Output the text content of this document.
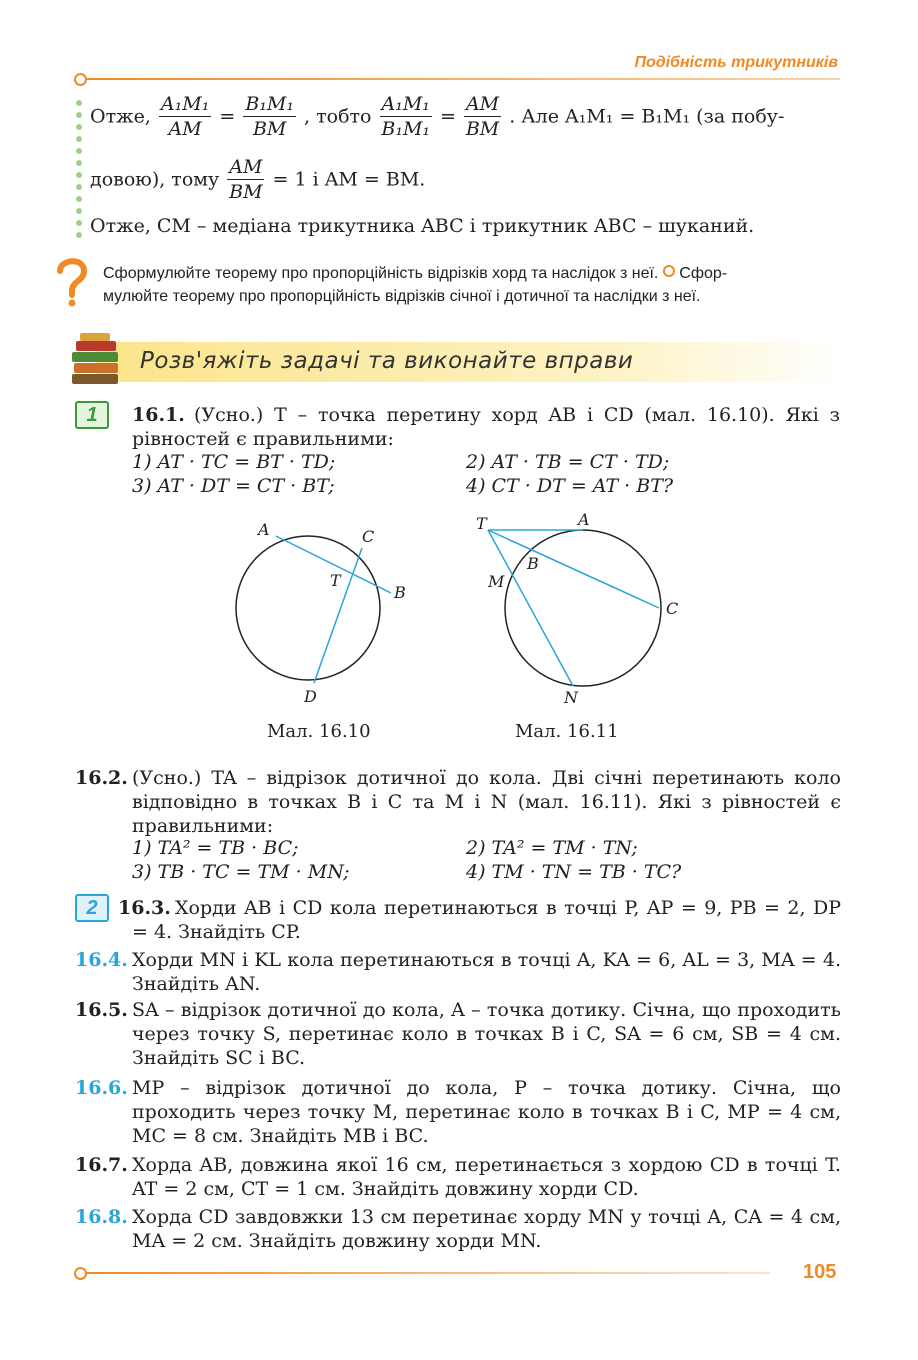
Подібність трикутників
Отже, $\frac{\text{A₁M₁}}{AM} = \frac{\text{B₁M₁}}{BM}$ , тобто $\frac{\text{A₁M₁}}{\text{B₁M₁}} = \frac{AM}{BM}$ . Але A₁M₁ = B₁M₁ (за побу-
довою), тому $\frac{AM}{BM} = 1$ і AM = BM.
Отже, CM – медіана трикутника ABC і трикутник ABC – шуканий.
Сформулюйте теорему про пропорційність відрізків хорд та наслідок з неї. Сфор-
мулюйте теорему про пропорційність відрізків січної і дотичної та наслідки з неї.
Розв'яжіть задачі та виконайте вправи
1	16.1. (Усно.) T – точка перетину хорд AB і CD (мал. 16.10). Які з рівностей є правильними:
1) AT · TC = BT · TD;	2) AT · TB = CT · TD;
3) AT · DT = CT · BT;	4) CT · DT = AT · BT?
A	C
T
B
D
Мал. 16.10
T	A
B
M
C
N
Мал. 16.11
16.2. (Усно.) TA – відрізок дотичної до кола. Дві січні перетинають коло відповідно в точках B і C та M і N (мал. 16.11). Які з рівностей є правильними:
1) TA² = TB · BC;	2) TA² = TM · TN;
3) TB · TC = TM · MN;	4) TM · TN = TB · TC?
2	16.3. Хорди AB і CD кола перетинаються в точці P, AP = 9, PB = 2, DP = 4. Знайдіть CP.
16.4. Хорди MN і KL кола перетинаються в точці A, KA = 6, AL = 3, MA = 4. Знайдіть AN.
16.5. SA – відрізок дотичної до кола, A – точка дотику. Січна, що проходить через точку S, перетинає коло в точках B і C, SA = 6 см, SB = 4 см. Знайдіть SC і BC.
16.6. MP – відрізок дотичної до кола, P – точка дотику. Січна, що проходить через точку M, перетинає коло в точках B і C, MP = 4 см, MC = 8 см. Знайдіть MB і BC.
16.7. Хорда AB, довжина якої 16 см, перетинається з хордою CD в точці T. AT = 2 см, CT = 1 см. Знайдіть довжину хорди CD.
16.8. Хорда CD завдовжки 13 см перетинає хорду MN у точці A, CA = 4 см, MA = 2 см. Знайдіть довжину хорди MN.
105
